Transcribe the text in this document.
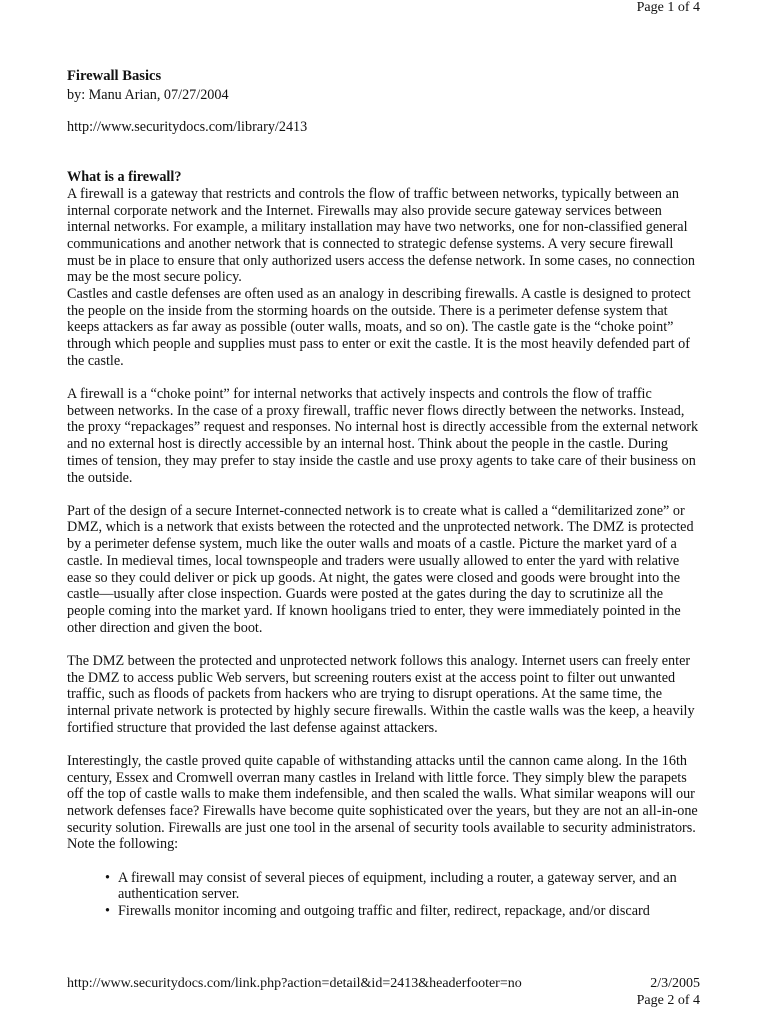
Page 1 of 4
Firewall Basics
by: Manu Arian, 07/27/2004
http://www.securitydocs.com/library/2413
What is a firewall?

A firewall is a gateway that restricts and controls the flow of traffic between networks, typically between an internal corporate network and the Internet. Firewalls may also provide secure gateway services between internal networks. For example, a military installation may have two networks, one for non-classified general communications and another network that is connected to strategic defense systems. A very secure firewall must be in place to ensure that only authorized users access the defense network. In some cases, no connection may be the most secure policy.

Castles and castle defenses are often used as an analogy in describing firewalls. A castle is designed to protect the people on the inside from the storming hoards on the outside. There is a perimeter defense system that keeps attackers as far away as possible (outer walls, moats, and so on). The castle gate is the “choke point” through which people and supplies must pass to enter or exit the castle. It is the most heavily defended part of the castle.

A firewall is a “choke point” for internal networks that actively inspects and controls the flow of traffic between networks. In the case of a proxy firewall, traffic never flows directly between the networks. Instead, the proxy “repackages” request and responses. No internal host is directly accessible from the external network and no external host is directly accessible by an internal host. Think about the people in the castle. During times of tension, they may prefer to stay inside the castle and use proxy agents to take care of their business on the outside.

Part of the design of a secure Internet-connected network is to create what is called a “demilitarized zone” or DMZ, which is a network that exists between the rotected and the unprotected network. The DMZ is protected by a perimeter defense system, much like the outer walls and moats of a castle. Picture the market yard of a castle. In medieval times, local townspeople and traders were usually allowed to enter the yard with relative ease so they could deliver or pick up goods. At night, the gates were closed and goods were brought into the castle—usually after close inspection. Guards were posted at the gates during the day to scrutinize all the people coming into the market yard. If known hooligans tried to enter, they were immediately pointed in the other direction and given the boot.

The DMZ between the protected and unprotected network follows this analogy. Internet users can freely enter the DMZ to access public Web servers, but screening routers exist at the access point to filter out unwanted traffic, such as floods of packets from hackers who are trying to disrupt operations. At the same time, the internal private network is protected by highly secure firewalls. Within the castle walls was the keep, a heavily fortified structure that provided the last defense against attackers.

Interestingly, the castle proved quite capable of withstanding attacks until the cannon came along. In the 16th century, Essex and Cromwell overran many castles in Ireland with little force. They simply blew the parapets off the top of castle walls to make them indefensible, and then scaled the walls. What similar weapons will our network defenses face? Firewalls have become quite sophisticated over the years, but they are not an all-in-one security solution. Firewalls are just one tool in the arsenal of security tools available to security administrators. Note the following:

• A firewall may consist of several pieces of equipment, including a router, a gateway server, and an authentication server.
• Firewalls monitor incoming and outgoing traffic and filter, redirect, repackage, and/or discard
http://www.securitydocs.com/link.php?action=detail&id=2413&headerfooter=no	2/3/2005
Page 2 of 4
